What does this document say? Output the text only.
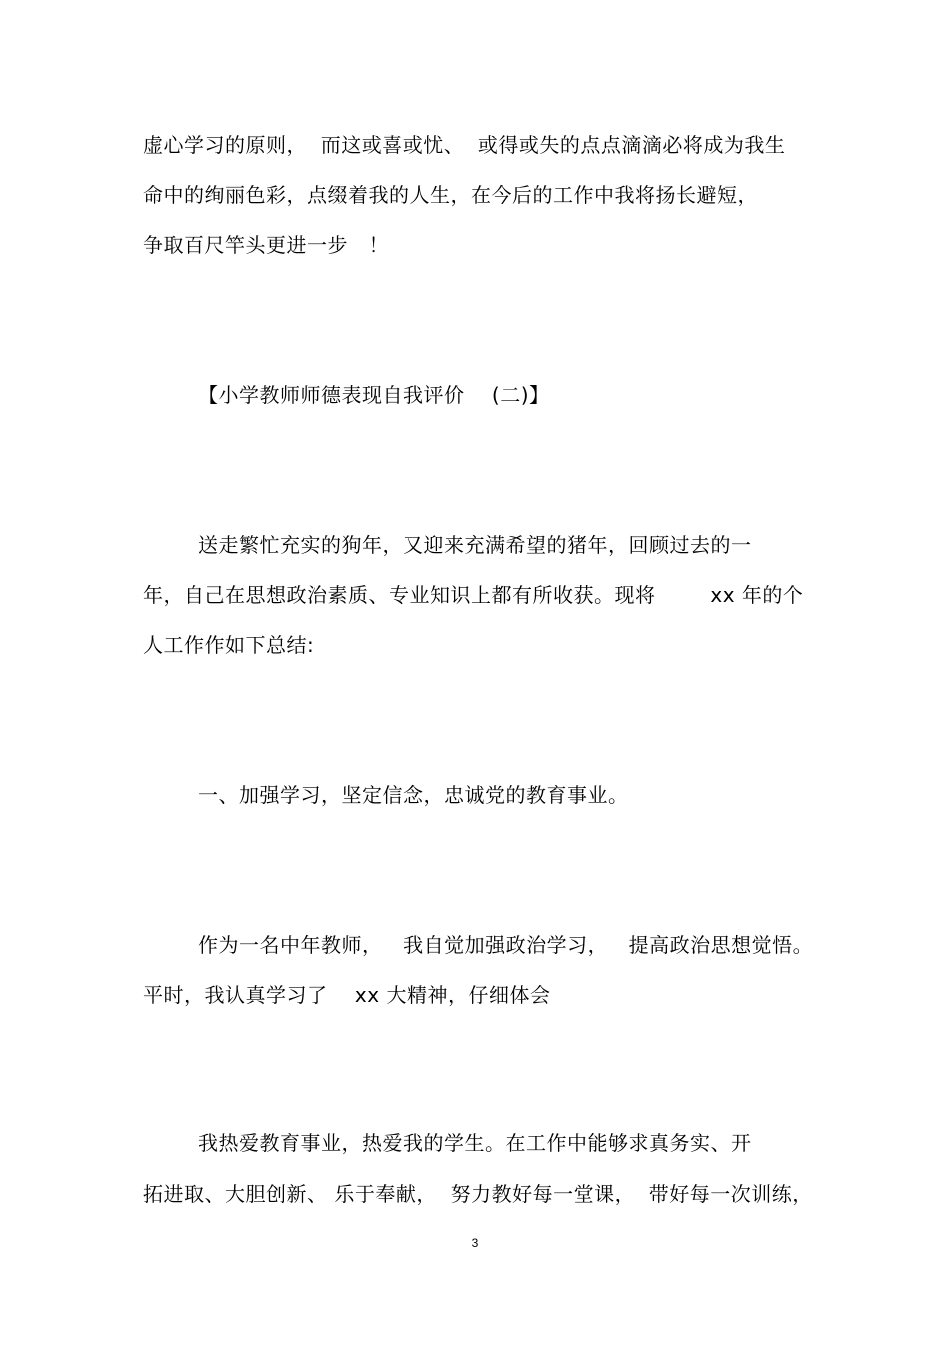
虚心学习的原则，  而这或喜或忧、  或得或失的点点滴滴必将成为我生
命中的绚丽色彩，点缀着我的人生，在今后的工作中我将扬长避短，
争取百尺竿头更进一步   ！
【小学教师师德表现自我评价    (二)】
送走繁忙充实的狗年，又迎来充满希望的猪年，回顾过去的一
年，自己在思想政治素质、专业知识上都有所收获。现将        xx 年的个
人工作作如下总结:
一、加强学习，坚定信念，忠诚党的教育事业。
作为一名中年教师，   我自觉加强政治学习，   提高政治思想觉悟。
平时，我认真学习了    xx 大精神，仔细体会
我热爱教育事业，热爱我的学生。在工作中能够求真务实、开
拓进取、大胆创新、 乐于奉献，  努力教好每一堂课，  带好每一次训练，
3
